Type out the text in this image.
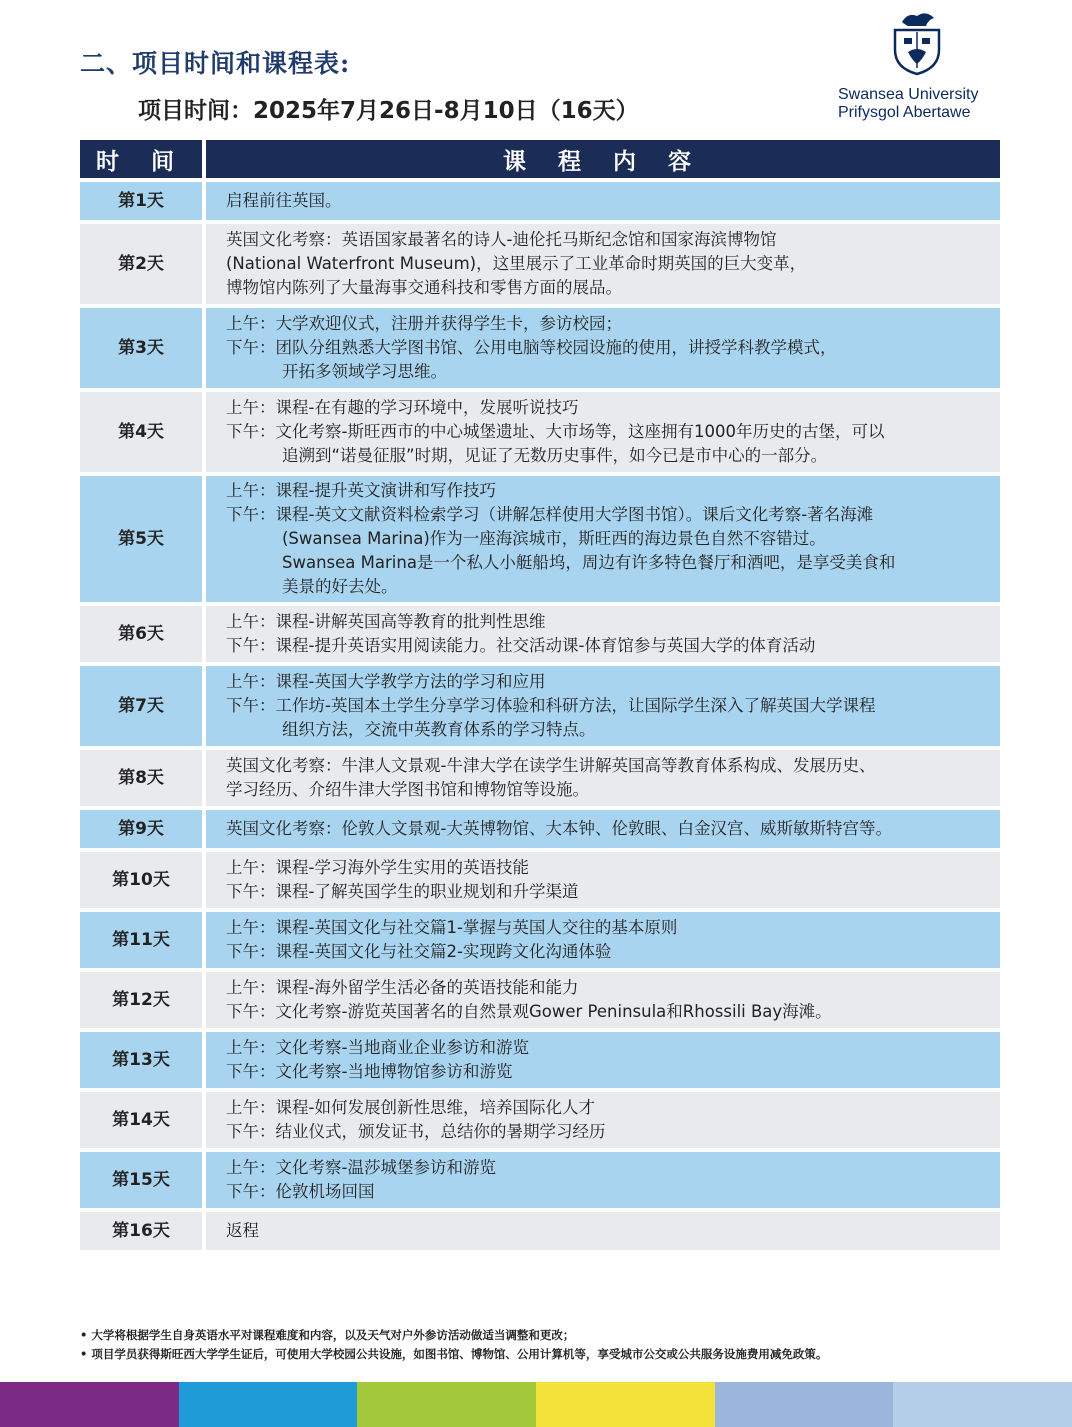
二、项目时间和课程表:
项目时间：2025年7月26日-8月10日（16天）
Swansea University
Prifysgol Abertawe
时 间	课 程 内 容
第1天	启程前往英国。

第2天	英国文化考察：英语国家最著名的诗人-迪伦托马斯纪念馆和国家海滨博物馆
(National Waterfront Museum)，这里展示了工业革命时期英国的巨大变革，
博物馆内陈列了大量海事交通科技和零售方面的展品。

第3天	上午：大学欢迎仪式，注册并获得学生卡，参访校园；
下午：团队分组熟悉大学图书馆、公用电脑等校园设施的使用，讲授学科教学模式，
开拓多领域学习思维。

第4天	上午：课程-在有趣的学习环境中，发展听说技巧
下午：文化考察-斯旺西市的中心城堡遗址、大市场等，这座拥有1000年历史的古堡，可以
追溯到“诺曼征服”时期，见证了无数历史事件，如今已是市中心的一部分。

第5天	上午：课程-提升英文演讲和写作技巧
下午：课程-英文文献资料检索学习（讲解怎样使用大学图书馆）。课后文化考察-著名海滩
(Swansea Marina)作为一座海滨城市，斯旺西的海边景色自然不容错过。
Swansea Marina是一个私人小艇船坞，周边有许多特色餐厅和酒吧，是享受美食和
美景的好去处。

第6天	上午：课程-讲解英国高等教育的批判性思维
下午：课程-提升英语实用阅读能力。社交活动课-体育馆参与英国大学的体育活动

第7天	上午：课程-英国大学教学方法的学习和应用
下午：工作坊-英国本土学生分享学习体验和科研方法，让国际学生深入了解英国大学课程
组织方法，交流中英教育体系的学习特点。

第8天	英国文化考察：牛津人文景观-牛津大学在读学生讲解英国高等教育体系构成、发展历史、
学习经历、介绍牛津大学图书馆和博物馆等设施。

第9天	英国文化考察：伦敦人文景观-大英博物馆、大本钟、伦敦眼、白金汉宫、威斯敏斯特宫等。

第10天	上午：课程-学习海外学生实用的英语技能
下午：课程-了解英国学生的职业规划和升学渠道

第11天	上午：课程-英国文化与社交篇1-掌握与英国人交往的基本原则
下午：课程-英国文化与社交篇2-实现跨文化沟通体验

第12天	上午：课程-海外留学生活必备的英语技能和能力
下午：文化考察-游览英国著名的自然景观Gower Peninsula和Rhossili Bay海滩。

第13天	上午：文化考察-当地商业企业参访和游览
下午：文化考察-当地博物馆参访和游览

第14天	上午：课程-如何发展创新性思维，培养国际化人才
下午：结业仪式，颁发证书，总结你的暑期学习经历

第15天	上午：文化考察-温莎城堡参访和游览
下午：伦敦机场回国

第16天	返程
• 大学将根据学生自身英语水平对课程难度和内容，以及天气对户外参访活动做适当调整和更改；
• 项目学员获得斯旺西大学学生证后，可使用大学校园公共设施，如图书馆、博物馆、公用计算机等，享受城市公交或公共服务设施费用减免政策。
